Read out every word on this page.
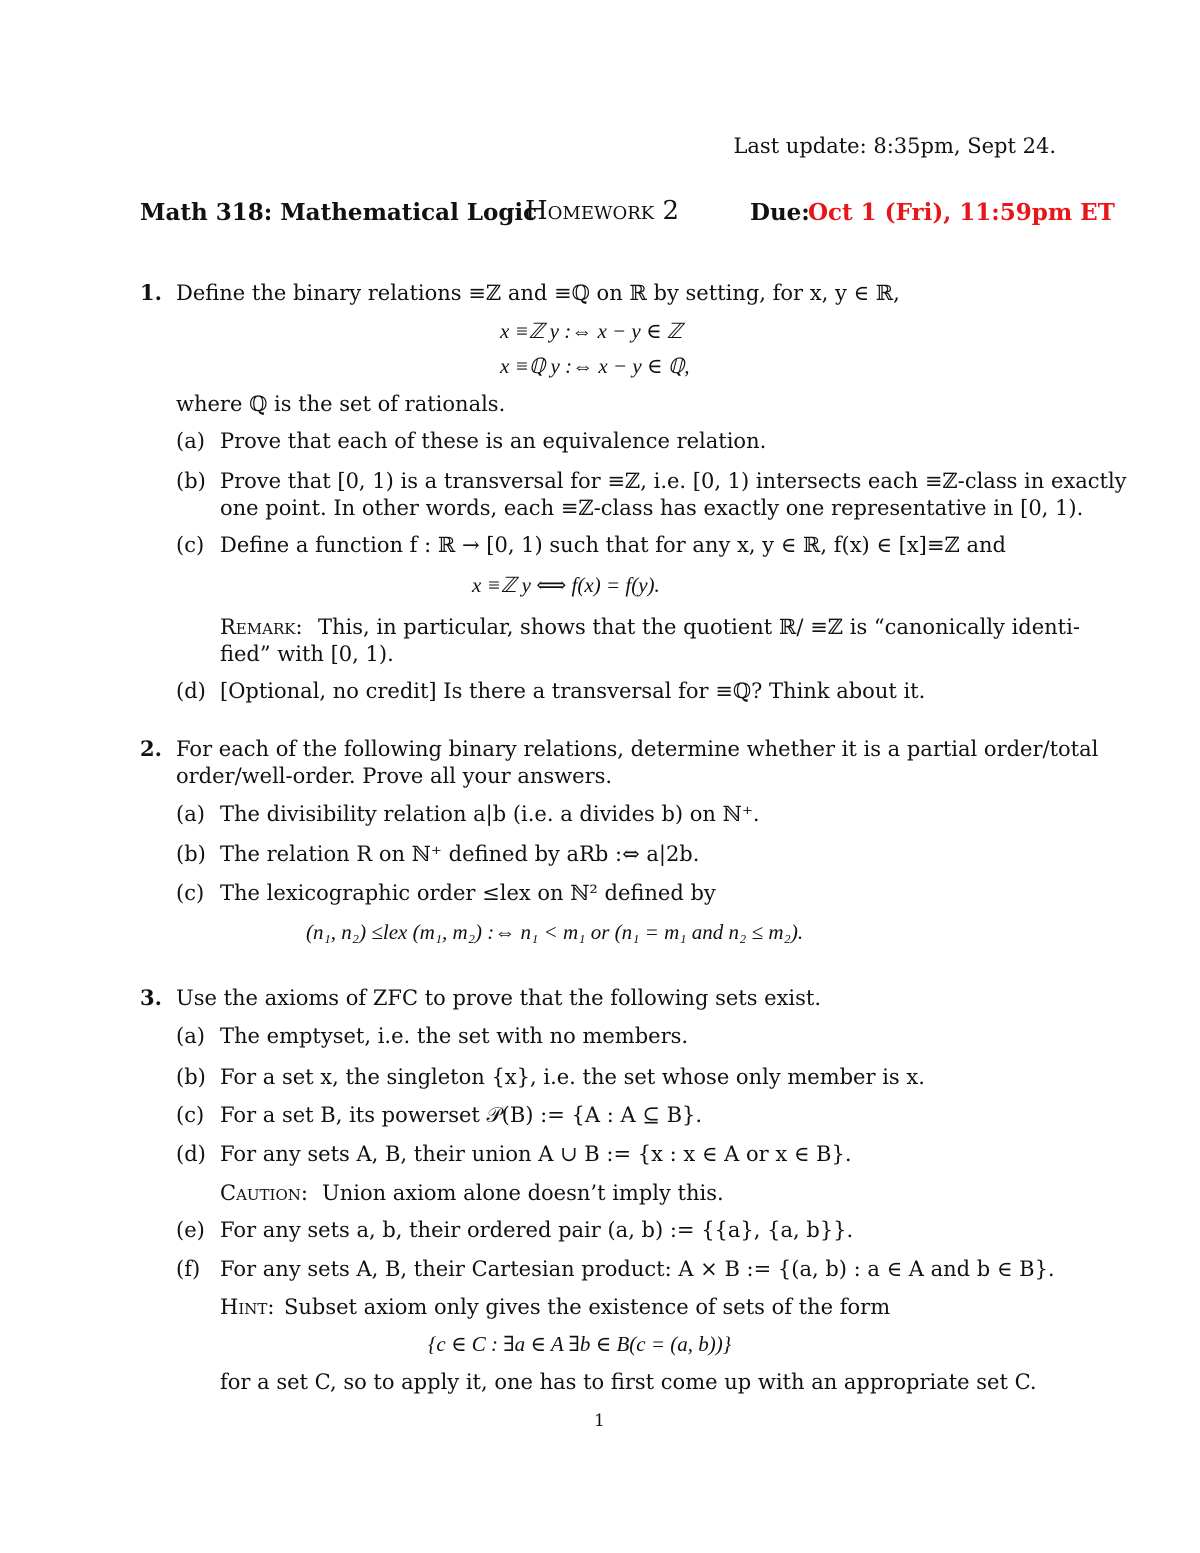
Last update: 8:35pm, Sept 24.
Math 318: Mathematical Logic
Homework 2	Due:
Oct 1 (Fri), 11:59pm ET
1. Define the binary relations ≡ℤ and ≡ℚ on ℝ by setting, for x, y ∈ ℝ,
x ≡ℤ y :⇔ x − y ∈ ℤ
x ≡ℚ y :⇔ x − y ∈ ℚ,
where ℚ is the set of rationals.
(a) Prove that each of these is an equivalence relation.
(b) Prove that [0, 1) is a transversal for ≡ℤ, i.e. [0, 1) intersects each ≡ℤ-class in exactly
one point. In other words, each ≡ℤ-class has exactly one representative in [0, 1).
(c) Define a function f : ℝ → [0, 1) such that for any x, y ∈ ℝ, f(x) ∈ [x]≡ℤ and
x ≡ℤ y ⟺ f(x) = f(y).
Remark: This, in particular, shows that the quotient ℝ/ ≡ℤ is “canonically identi-
fied” with [0, 1).
(d) [Optional, no credit] Is there a transversal for ≡ℚ? Think about it.
2. For each of the following binary relations, determine whether it is a partial order/total
order/well-order. Prove all your answers.
(a) The divisibility relation a|b (i.e. a divides b) on ℕ⁺.
(b) The relation R on ℕ⁺ defined by aRb :⇔ a|2b.
(c) The lexicographic order ≤lex on ℕ² defined by
(n₁, n₂) ≤lex (m₁, m₂) :⇔ n₁ < m₁ or (n₁ = m₁ and n₂ ≤ m₂).
3. Use the axioms of ZFC to prove that the following sets exist.
(a) The emptyset, i.e. the set with no members.
(b) For a set x, the singleton {x}, i.e. the set whose only member is x.
(c) For a set B, its powerset 𝒫(B) := {A : A ⊆ B}.
(d) For any sets A, B, their union A ∪ B := {x : x ∈ A or x ∈ B}.
Caution: Union axiom alone doesn’t imply this.
(e) For any sets a, b, their ordered pair (a, b) := {{a}, {a, b}}.
(f) For any sets A, B, their Cartesian product: A × B := {(a, b) : a ∈ A and b ∈ B}.
Hint: Subset axiom only gives the existence of sets of the form
{c ∈ C : ∃a ∈ A ∃b ∈ B(c = (a, b))}
for a set C, so to apply it, one has to first come up with an appropriate set C.
1
